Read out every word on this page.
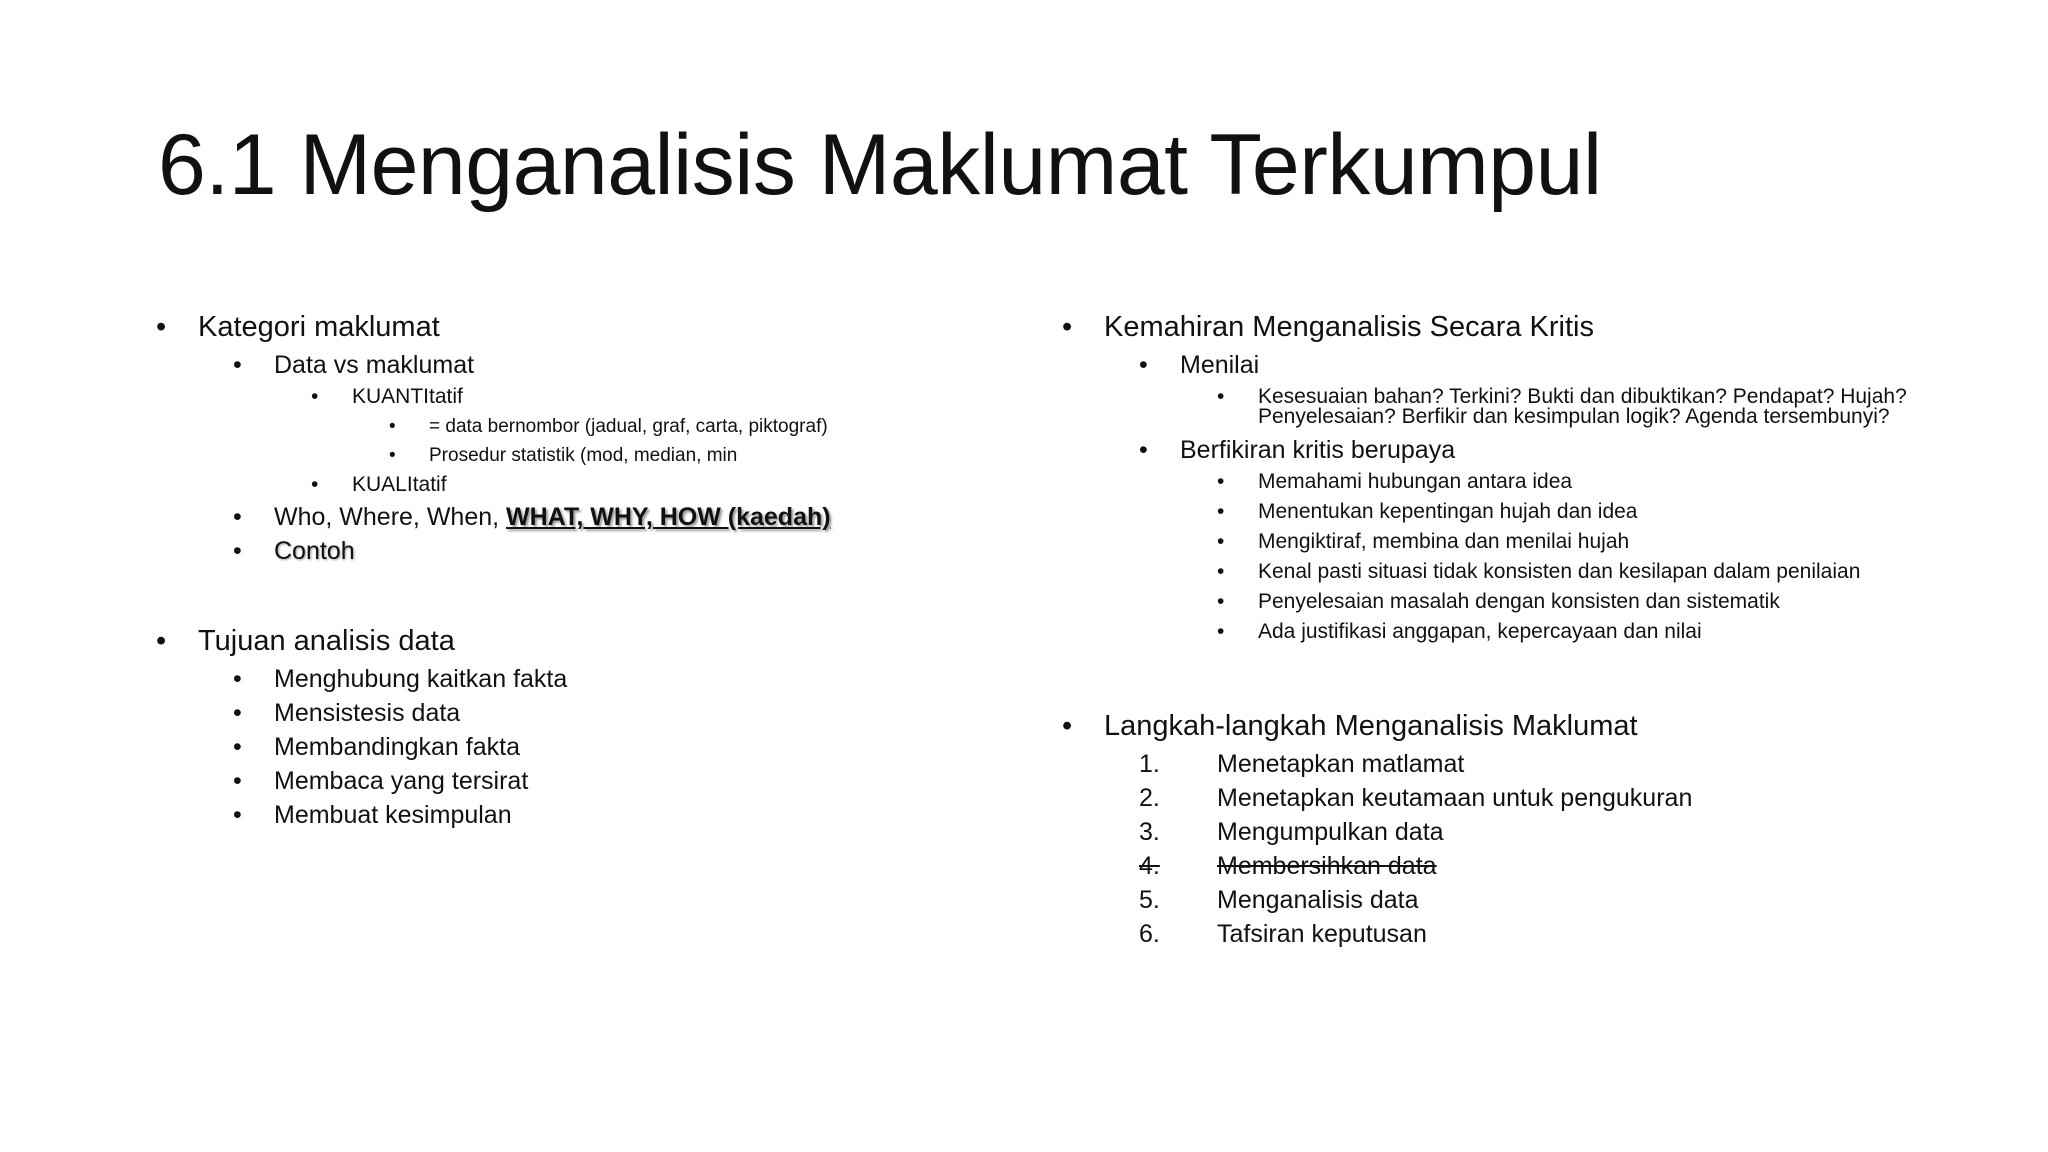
6.1 Menganalisis Maklumat Terkumpul
• Kategori maklumat
• Data vs maklumat
• KUANTItatif
• = data bernombor (jadual, graf, carta, piktograf)
• Prosedur statistik (mod, median, min
• KUALItatif
• Who, Where, When, WHAT, WHY, HOW (kaedah)
• Contoh
• Tujuan analisis data
• Menghubung kaitkan fakta
• Mensistesis data
• Membandingkan fakta
• Membaca yang tersirat
• Membuat kesimpulan
• Kemahiran Menganalisis Secara Kritis
• Menilai
• Kesesuaian bahan? Terkini? Bukti dan dibuktikan? Pendapat? Hujah? Penyelesaian? Berfikir dan kesimpulan logik? Agenda tersembunyi?
• Berfikiran kritis berupaya
• Memahami hubungan antara idea
• Menentukan kepentingan hujah dan idea
• Mengiktiraf, membina dan menilai hujah
• Kenal pasti situasi tidak konsisten dan kesilapan dalam penilaian
• Penyelesaian masalah dengan konsisten dan sistematik
• Ada justifikasi anggapan, kepercayaan dan nilai
• Langkah-langkah Menganalisis Maklumat
1. Menetapkan matlamat
2. Menetapkan keutamaan untuk pengukuran
3. Mengumpulkan data
4.	Membersihkan data
5. Menganalisis data
6. Tafsiran keputusan
